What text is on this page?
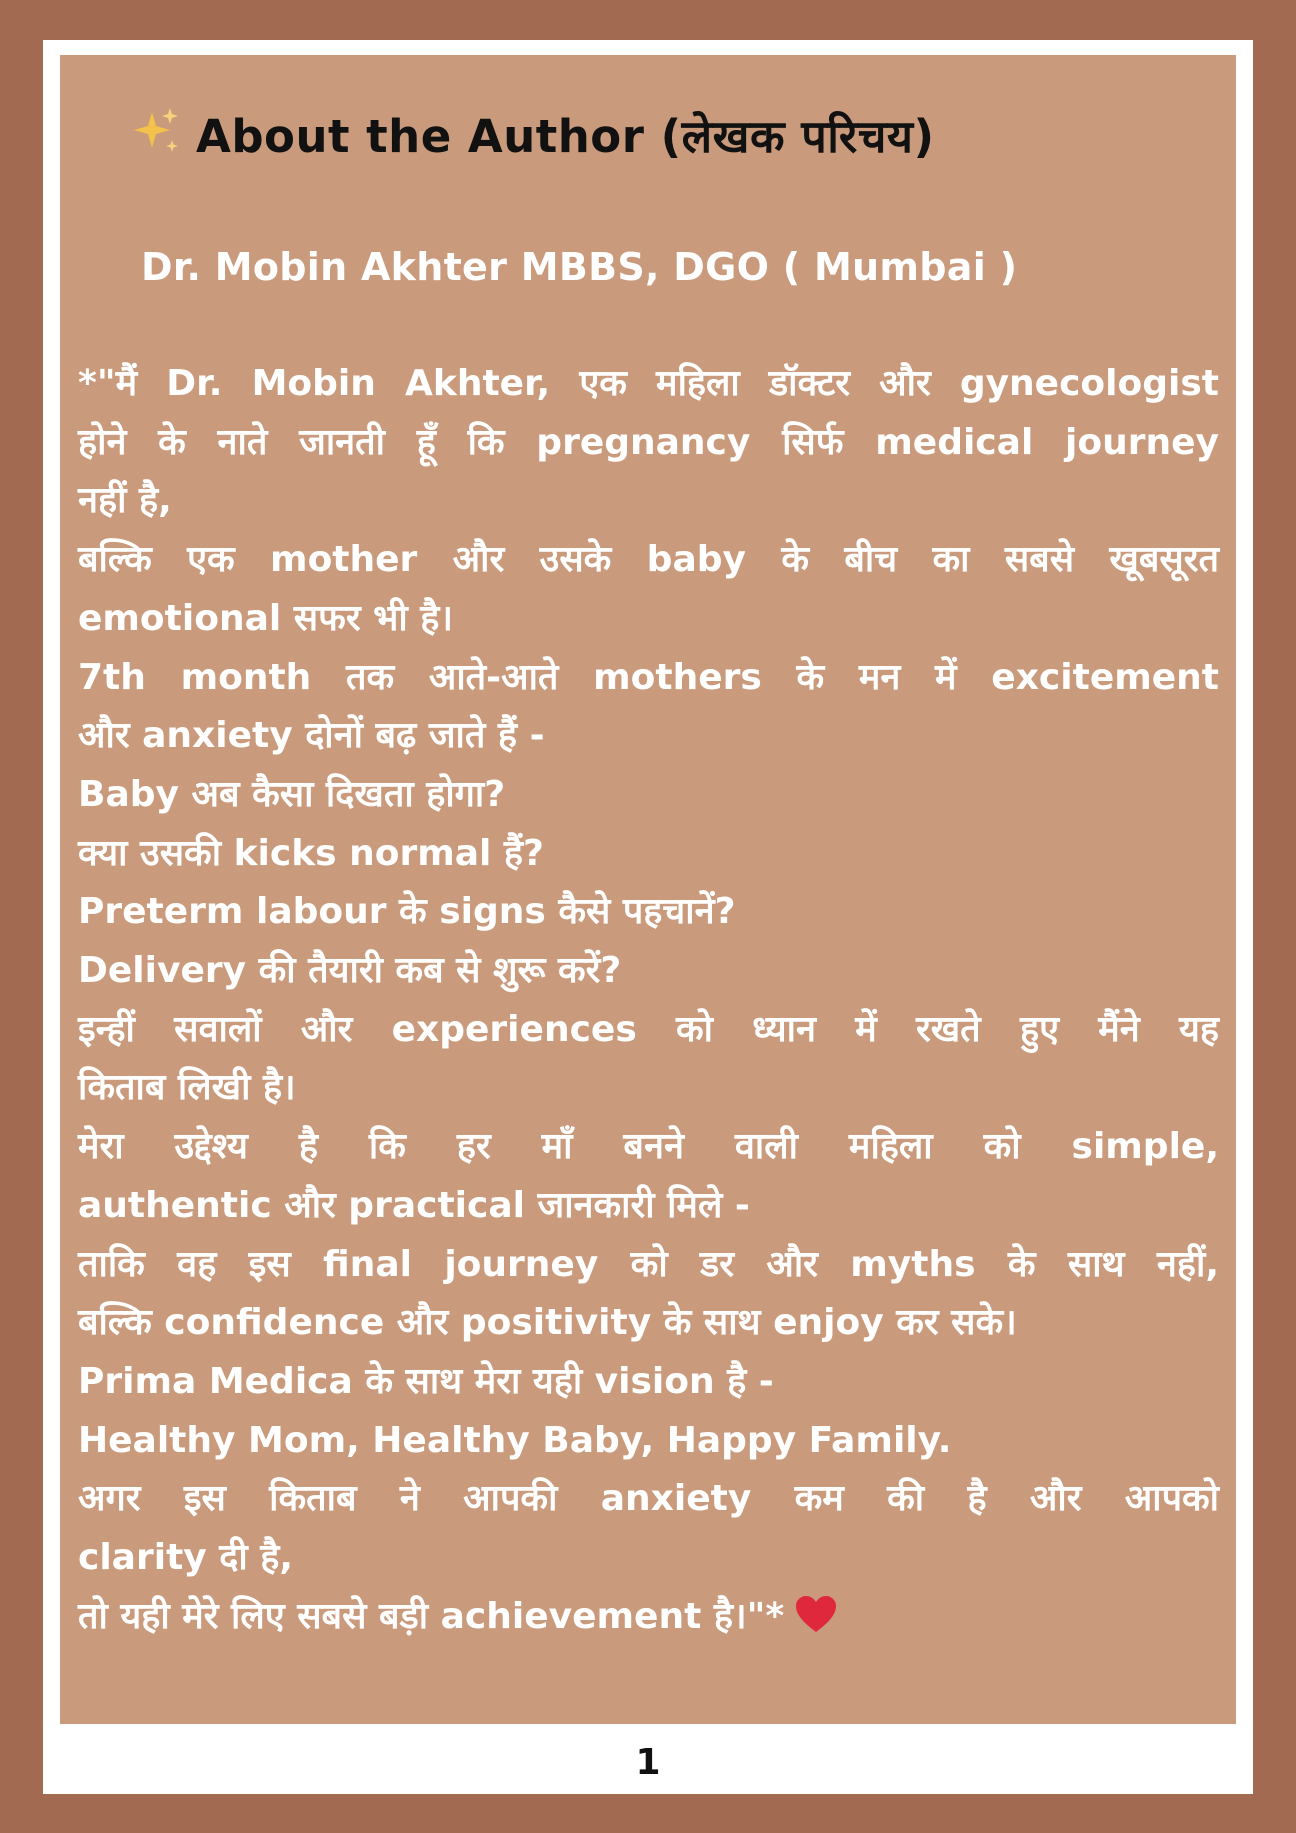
About the Author (लेखक परिचय)

Dr. Mobin Akhter MBBS, DGO ( Mumbai )

*"मैं Dr. Mobin Akhter, एक महिला डॉक्टर और gynecologist
होने के नाते जानती हूँ कि pregnancy सिर्फ medical journey
नहीं है,
बल्कि एक mother और उसके baby के बीच का सबसे खूबसूरत
emotional सफर भी है।
7th month तक आते-आते mothers के मन में excitement
और anxiety दोनों बढ़ जाते हैं -
Baby अब कैसा दिखता होगा?
क्या उसकी kicks normal हैं?
Preterm labour के signs कैसे पहचानें?
Delivery की तैयारी कब से शुरू करें?
इन्हीं सवालों और experiences को ध्यान में रखते हुए मैंने यह
किताब लिखी है।
मेरा उद्देश्य है कि हर माँ बनने वाली महिला को simple,
authentic और practical जानकारी मिले -
ताकि वह इस final journey को डर और myths के साथ नहीं,
बल्कि confidence और positivity के साथ enjoy कर सके।
Prima Medica के साथ मेरा यही vision है -
Healthy Mom, Healthy Baby, Happy Family.
अगर इस किताब ने आपकी anxiety कम की है और आपको
clarity दी है,
तो यही मेरे लिए सबसे बड़ी achievement है।"*
1
